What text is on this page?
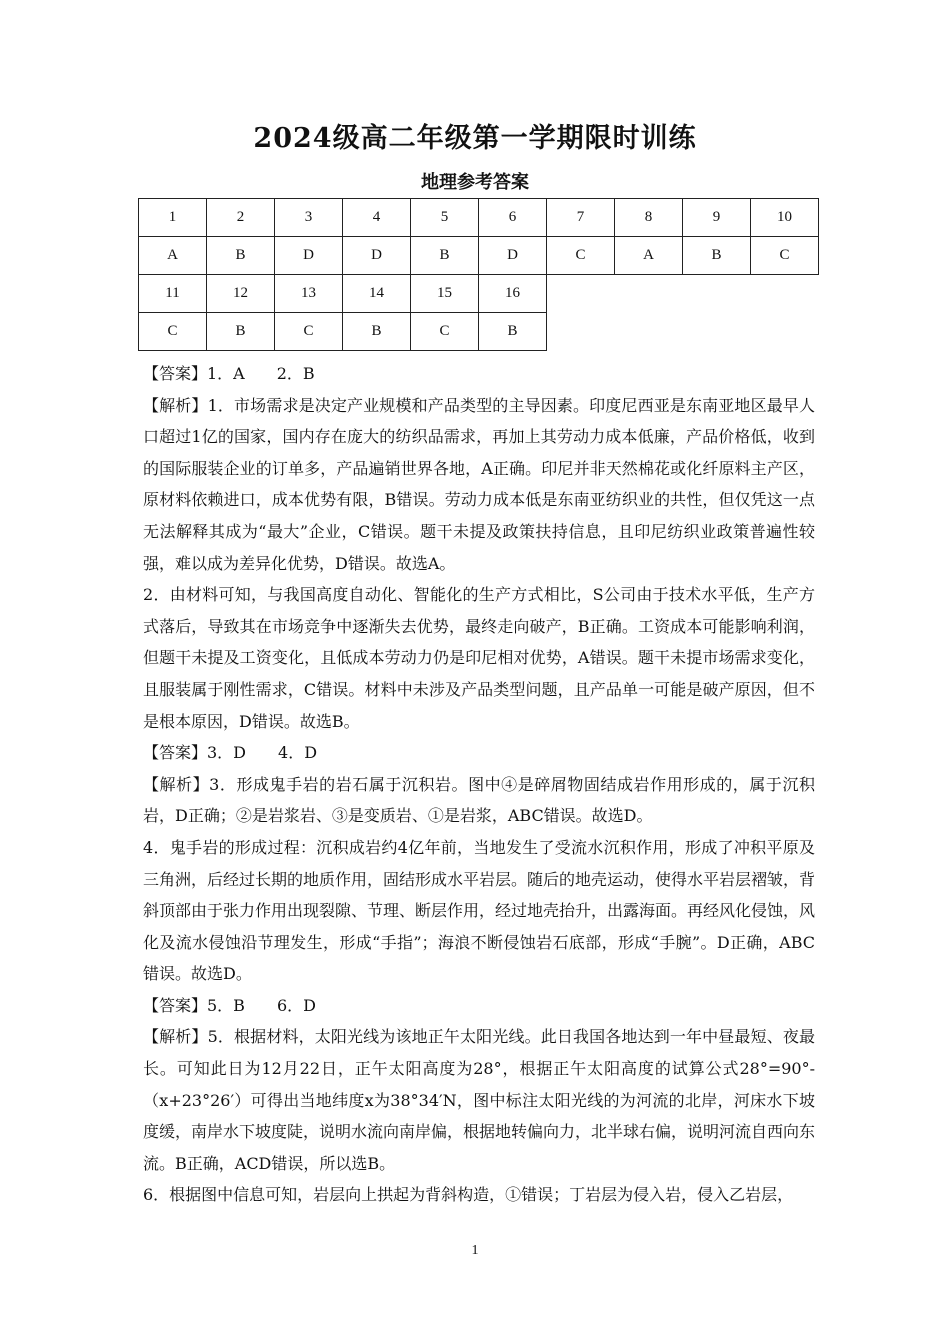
2024级高二年级第一学期限时训练
地理参考答案
1	2	3	4	5	6	7	8	9	10
A	B	D	D	B	D	C	A	B	C
11	12	13	14	15	16
C	B	C	B	C	B

【答案】1．A　　2．B

【解析】1．市场需求是决定产业规模和产品类型的主导因素。印度尼西亚是东南亚地区最早人口超过1亿的国家，国内存在庞大的纺织品需求，再加上其劳动力成本低廉，产品价格低，收到的国际服装企业的订单多，产品遍销世界各地，A正确。印尼并非天然棉花或化纤原料主产区，原材料依赖进口，成本优势有限，B错误。劳动力成本低是东南亚纺织业的共性，但仅凭这一点无法解释其成为“最大”企业，C错误。题干未提及政策扶持信息，且印尼纺织业政策普遍性较强，难以成为差异化优势，D错误。故选A。

2．由材料可知，与我国高度自动化、智能化的生产方式相比，S公司由于技术水平低，生产方式落后，导致其在市场竞争中逐渐失去优势，最终走向破产，B正确。工资成本可能影响利润，但题干未提及工资变化，且低成本劳动力仍是印尼相对优势，A错误。题干未提市场需求变化，且服装属于刚性需求，C错误。材料中未涉及产品类型问题，且产品单一可能是破产原因，但不是根本原因，D错误。故选B。

【答案】3．D　　4．D

【解析】3．形成鬼手岩的岩石属于沉积岩。图中④是碎屑物固结成岩作用形成的，属于沉积岩，D正确；②是岩浆岩、③是变质岩、①是岩浆，ABC错误。故选D。

4．鬼手岩的形成过程：沉积成岩约4亿年前，当地发生了受流水沉积作用，形成了冲积平原及三角洲，后经过长期的地质作用，固结形成水平岩层。随后的地壳运动，使得水平岩层褶皱，背斜顶部由于张力作用出现裂隙、节理、断层作用，经过地壳抬升，出露海面。再经风化侵蚀，风化及流水侵蚀沿节理发生，形成“手指”；海浪不断侵蚀岩石底部，形成“手腕”。D正确，ABC错误。故选D。

【答案】5．B　　6．D

【解析】5．根据材料，太阳光线为该地正午太阳光线。此日我国各地达到一年中昼最短、夜最长。可知此日为12月22日，正午太阳高度为28°，根据正午太阳高度的试算公式28°=90°-（x+23°26′）可得出当地纬度x为38°34′N，图中标注太阳光线的为河流的北岸，河床水下坡度缓，南岸水下坡度陡，说明水流向南岸偏，根据地转偏向力，北半球右偏，说明河流自西向东流。B正确，ACD错误，所以选B。

6．根据图中信息可知，岩层向上拱起为背斜构造，①错误；丁岩层为侵入岩，侵入乙岩层，

1
